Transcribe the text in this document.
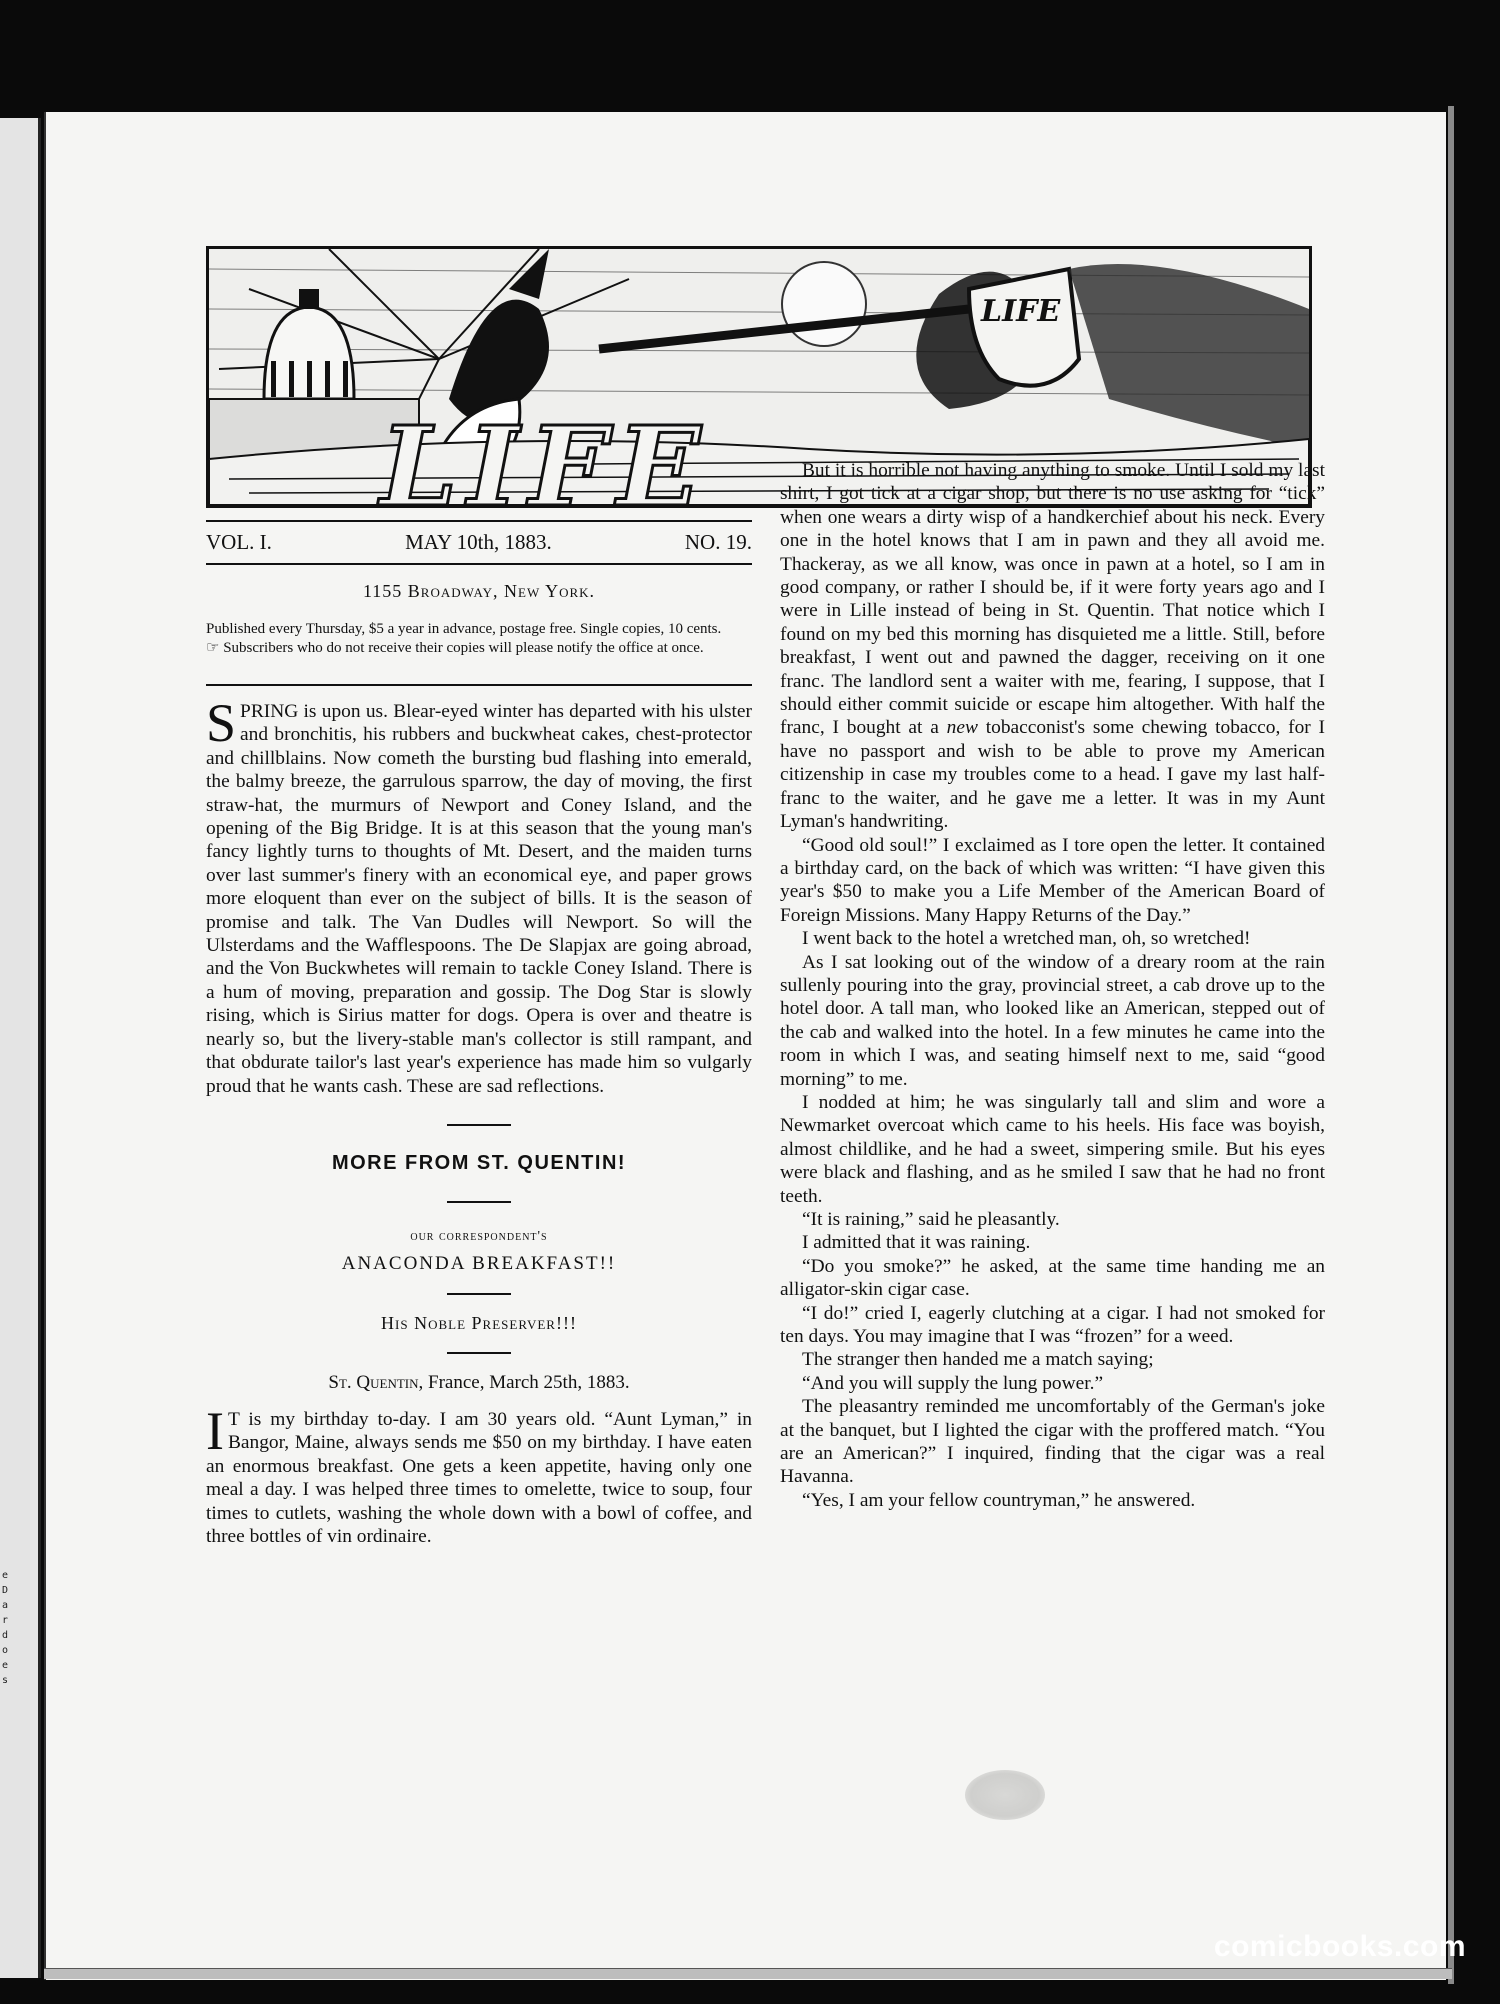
e D a r d o e s
LIFE
LIFE
VOL. I.	MAY 10th, 1883.	NO. 19.
1155 Broadway, New York.

Published every Thursday, $5 a year in advance, postage free. Single copies, 10 cents.

☞ Subscribers who do not receive their copies will please notify the office at once.

SPRING is upon us. Blear-eyed winter has departed with his ulster and bronchitis, his rubbers and buckwheat cakes, chest-protector and chillblains. Now cometh the bursting bud flashing into emerald, the balmy breeze, the garrulous sparrow, the day of moving, the first straw-hat, the murmurs of Newport and Coney Island, and the opening of the Big Bridge. It is at this season that the young man's fancy lightly turns to thoughts of Mt. Desert, and the maiden turns over last summer's finery with an economical eye, and paper grows more eloquent than ever on the subject of bills. It is the season of promise and talk. The Van Dudles will Newport. So will the Ulsterdams and the Wafflespoons. The De Slapjax are going abroad, and the Von Buckwhetes will remain to tackle Coney Island. There is a hum of moving, preparation and gossip. The Dog Star is slowly rising, which is Sirius matter for dogs. Opera is over and theatre is nearly so, but the livery-stable man's collector is still rampant, and that obdurate tailor's last year's experience has made him so vulgarly proud that he wants cash. These are sad reflections.

MORE FROM ST. QUENTIN!
our correspondent's
ANACONDA BREAKFAST!!
His Noble Preserver!!!
St. Quentin, France, March 25th, 1883.

I T is my birthday to-day. I am 30 years old. “Aunt Lyman,” in Bangor, Maine, always sends me $50 on my birthday. I have eaten an enormous breakfast. One gets a keen appetite, having only one meal a day. I was helped three times to omelette, twice to soup, four times to cutlets, washing the whole down with a bowl of coffee, and three bottles of vin ordinaire.

But it is horrible not having anything to smoke. Until I sold my last shirt, I got tick at a cigar shop, but there is no use asking for “tick” when one wears a dirty wisp of a handkerchief about his neck. Every one in the hotel knows that I am in pawn and they all avoid me. Thackeray, as we all know, was once in pawn at a hotel, so I am in good company, or rather I should be, if it were forty years ago and I were in Lille instead of being in St. Quentin. That notice which I found on my bed this morning has disquieted me a little. Still, before breakfast, I went out and pawned the dagger, receiving on it one franc. The landlord sent a waiter with me, fearing, I suppose, that I should either commit suicide or escape him altogether. With half the franc, I bought at a new tobacconist's some chewing tobacco, for I have no passport and wish to be able to prove my American citizenship in case my troubles come to a head. I gave my last half-franc to the waiter, and he gave me a letter. It was in my Aunt Lyman's handwriting.

“Good old soul!” I exclaimed as I tore open the letter. It contained a birthday card, on the back of which was written: “I have given this year's $50 to make you a Life Member of the American Board of Foreign Missions. Many Happy Returns of the Day.”

I went back to the hotel a wretched man, oh, so wretched!

As I sat looking out of the window of a dreary room at the rain sullenly pouring into the gray, provincial street, a cab drove up to the hotel door. A tall man, who looked like an American, stepped out of the cab and walked into the hotel. In a few minutes he came into the room in which I was, and seating himself next to me, said “good morning” to me.

I nodded at him; he was singularly tall and slim and wore a Newmarket overcoat which came to his heels. His face was boyish, almost childlike, and he had a sweet, simpering smile. But his eyes were black and flashing, and as he smiled I saw that he had no front teeth.

“It is raining,” said he pleasantly.

I admitted that it was raining.

“Do you smoke?” he asked, at the same time handing me an alligator-skin cigar case.

“I do!” cried I, eagerly clutching at a cigar. I had not smoked for ten days. You may imagine that I was “frozen” for a weed.

The stranger then handed me a match saying;

“And you will supply the lung power.”

The pleasantry reminded me uncomfortably of the German's joke at the banquet, but I lighted the cigar with the proffered match. “You are an American?” I inquired, finding that the cigar was a real Havanna.

“Yes, I am your fellow countryman,” he answered.

comicbooks.com
